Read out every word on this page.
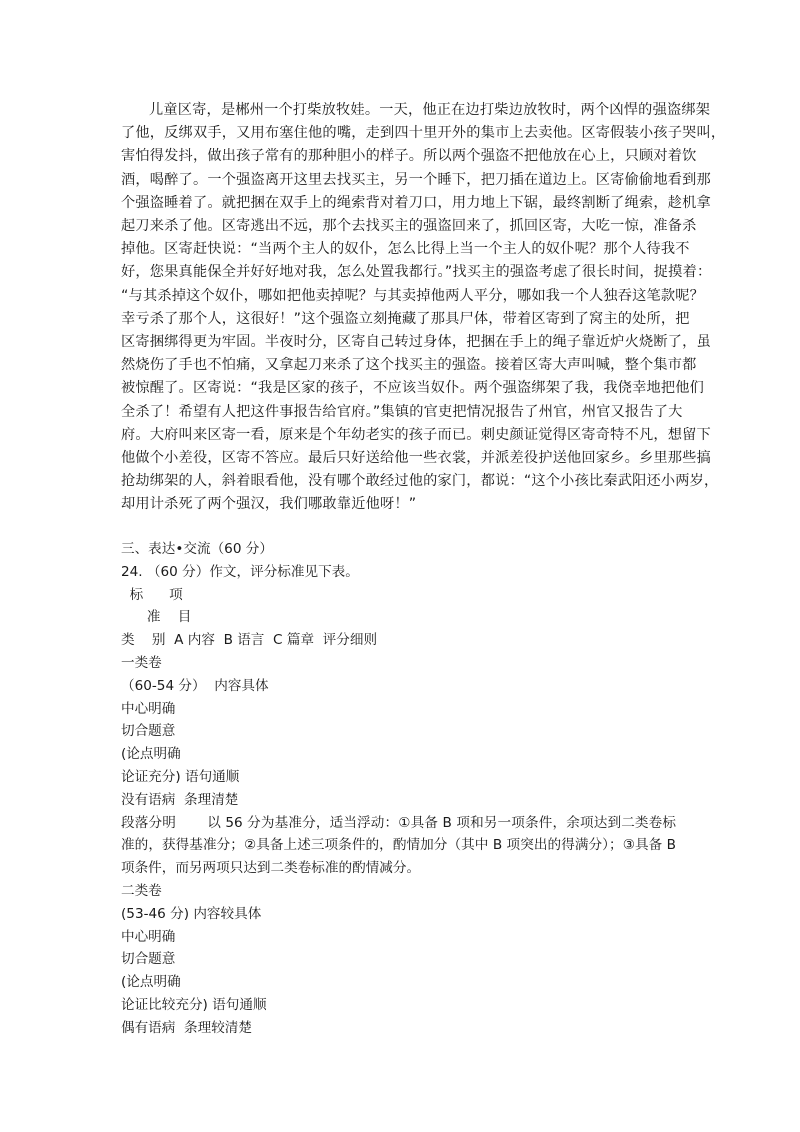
儿童区寄，是郴州一个打柴放牧娃。一天，他正在边打柴边放牧时，两个凶悍的强盗绑架
了他，反绑双手，又用布塞住他的嘴，走到四十里开外的集市上去卖他。区寄假装小孩子哭叫，
害怕得发抖，做出孩子常有的那种胆小的样子。所以两个强盗不把他放在心上，只顾对着饮
酒，喝醉了。一个强盗离开这里去找买主，另一个睡下，把刀插在道边上。区寄偷偷地看到那
个强盗睡着了。就把捆在双手上的绳索背对着刀口，用力地上下锯，最终割断了绳索，趁机拿
起刀来杀了他。区寄逃出不远，那个去找买主的强盗回来了，抓回区寄，大吃一惊，准备杀
掉他。区寄赶快说：“当两个主人的奴仆，怎么比得上当一个主人的奴仆呢？那个人待我不
好，您果真能保全并好好地对我，怎么处置我都行。”找买主的强盗考虑了很长时间，捉摸着：
“与其杀掉这个奴仆，哪如把他卖掉呢？与其卖掉他两人平分，哪如我一个人独吞这笔款呢？
幸亏杀了那个人，这很好！”这个强盗立刻掩藏了那具尸体，带着区寄到了窝主的处所，把
区寄捆绑得更为牢固。半夜时分，区寄自己转过身体，把捆在手上的绳子靠近炉火烧断了，虽
然烧伤了手也不怕痛，又拿起刀来杀了这个找买主的强盗。接着区寄大声叫喊，整个集市都
被惊醒了。区寄说：“我是区家的孩子，不应该当奴仆。两个强盗绑架了我，我侥幸地把他们
全杀了！希望有人把这件事报告给官府。”集镇的官吏把情况报告了州官，州官又报告了大
府。大府叫来区寄一看，原来是个年幼老实的孩子而已。刺史颜证觉得区寄奇特不凡，想留下
他做个小差役，区寄不答应。最后只好送给他一些衣裳，并派差役护送他回家乡。乡里那些搞
抢劫绑架的人，斜着眼看他，没有哪个敢经过他的家门，都说：“这个小孩比秦武阳还小两岁，
却用计杀死了两个强汉，我们哪敢靠近他呀！”
三、表达•交流（60 分）
24. （60 分）作文，评分标准见下表。
标      项
准    目
类    别  A 内容  B 语言  C 篇章  评分细则
一类卷
（60-54 分）  内容具体
中心明确
切合题意
(论点明确
论证充分) 语句通顺
没有语病  条理清楚
段落分明       以 56 分为基准分，适当浮动：①具备 B 项和另一项条件，余项达到二类卷标准的，获得基准分；②具备上述三项条件的，酌情加分（其中 B 项突出的得满分）；③具备 B 项条件，而另两项只达到二类卷标准的酌情减分。
二类卷
(53-46 分) 内容较具体
中心明确
切合题意
(论点明确
论证比较充分) 语句通顺
偶有语病  条理较清楚
